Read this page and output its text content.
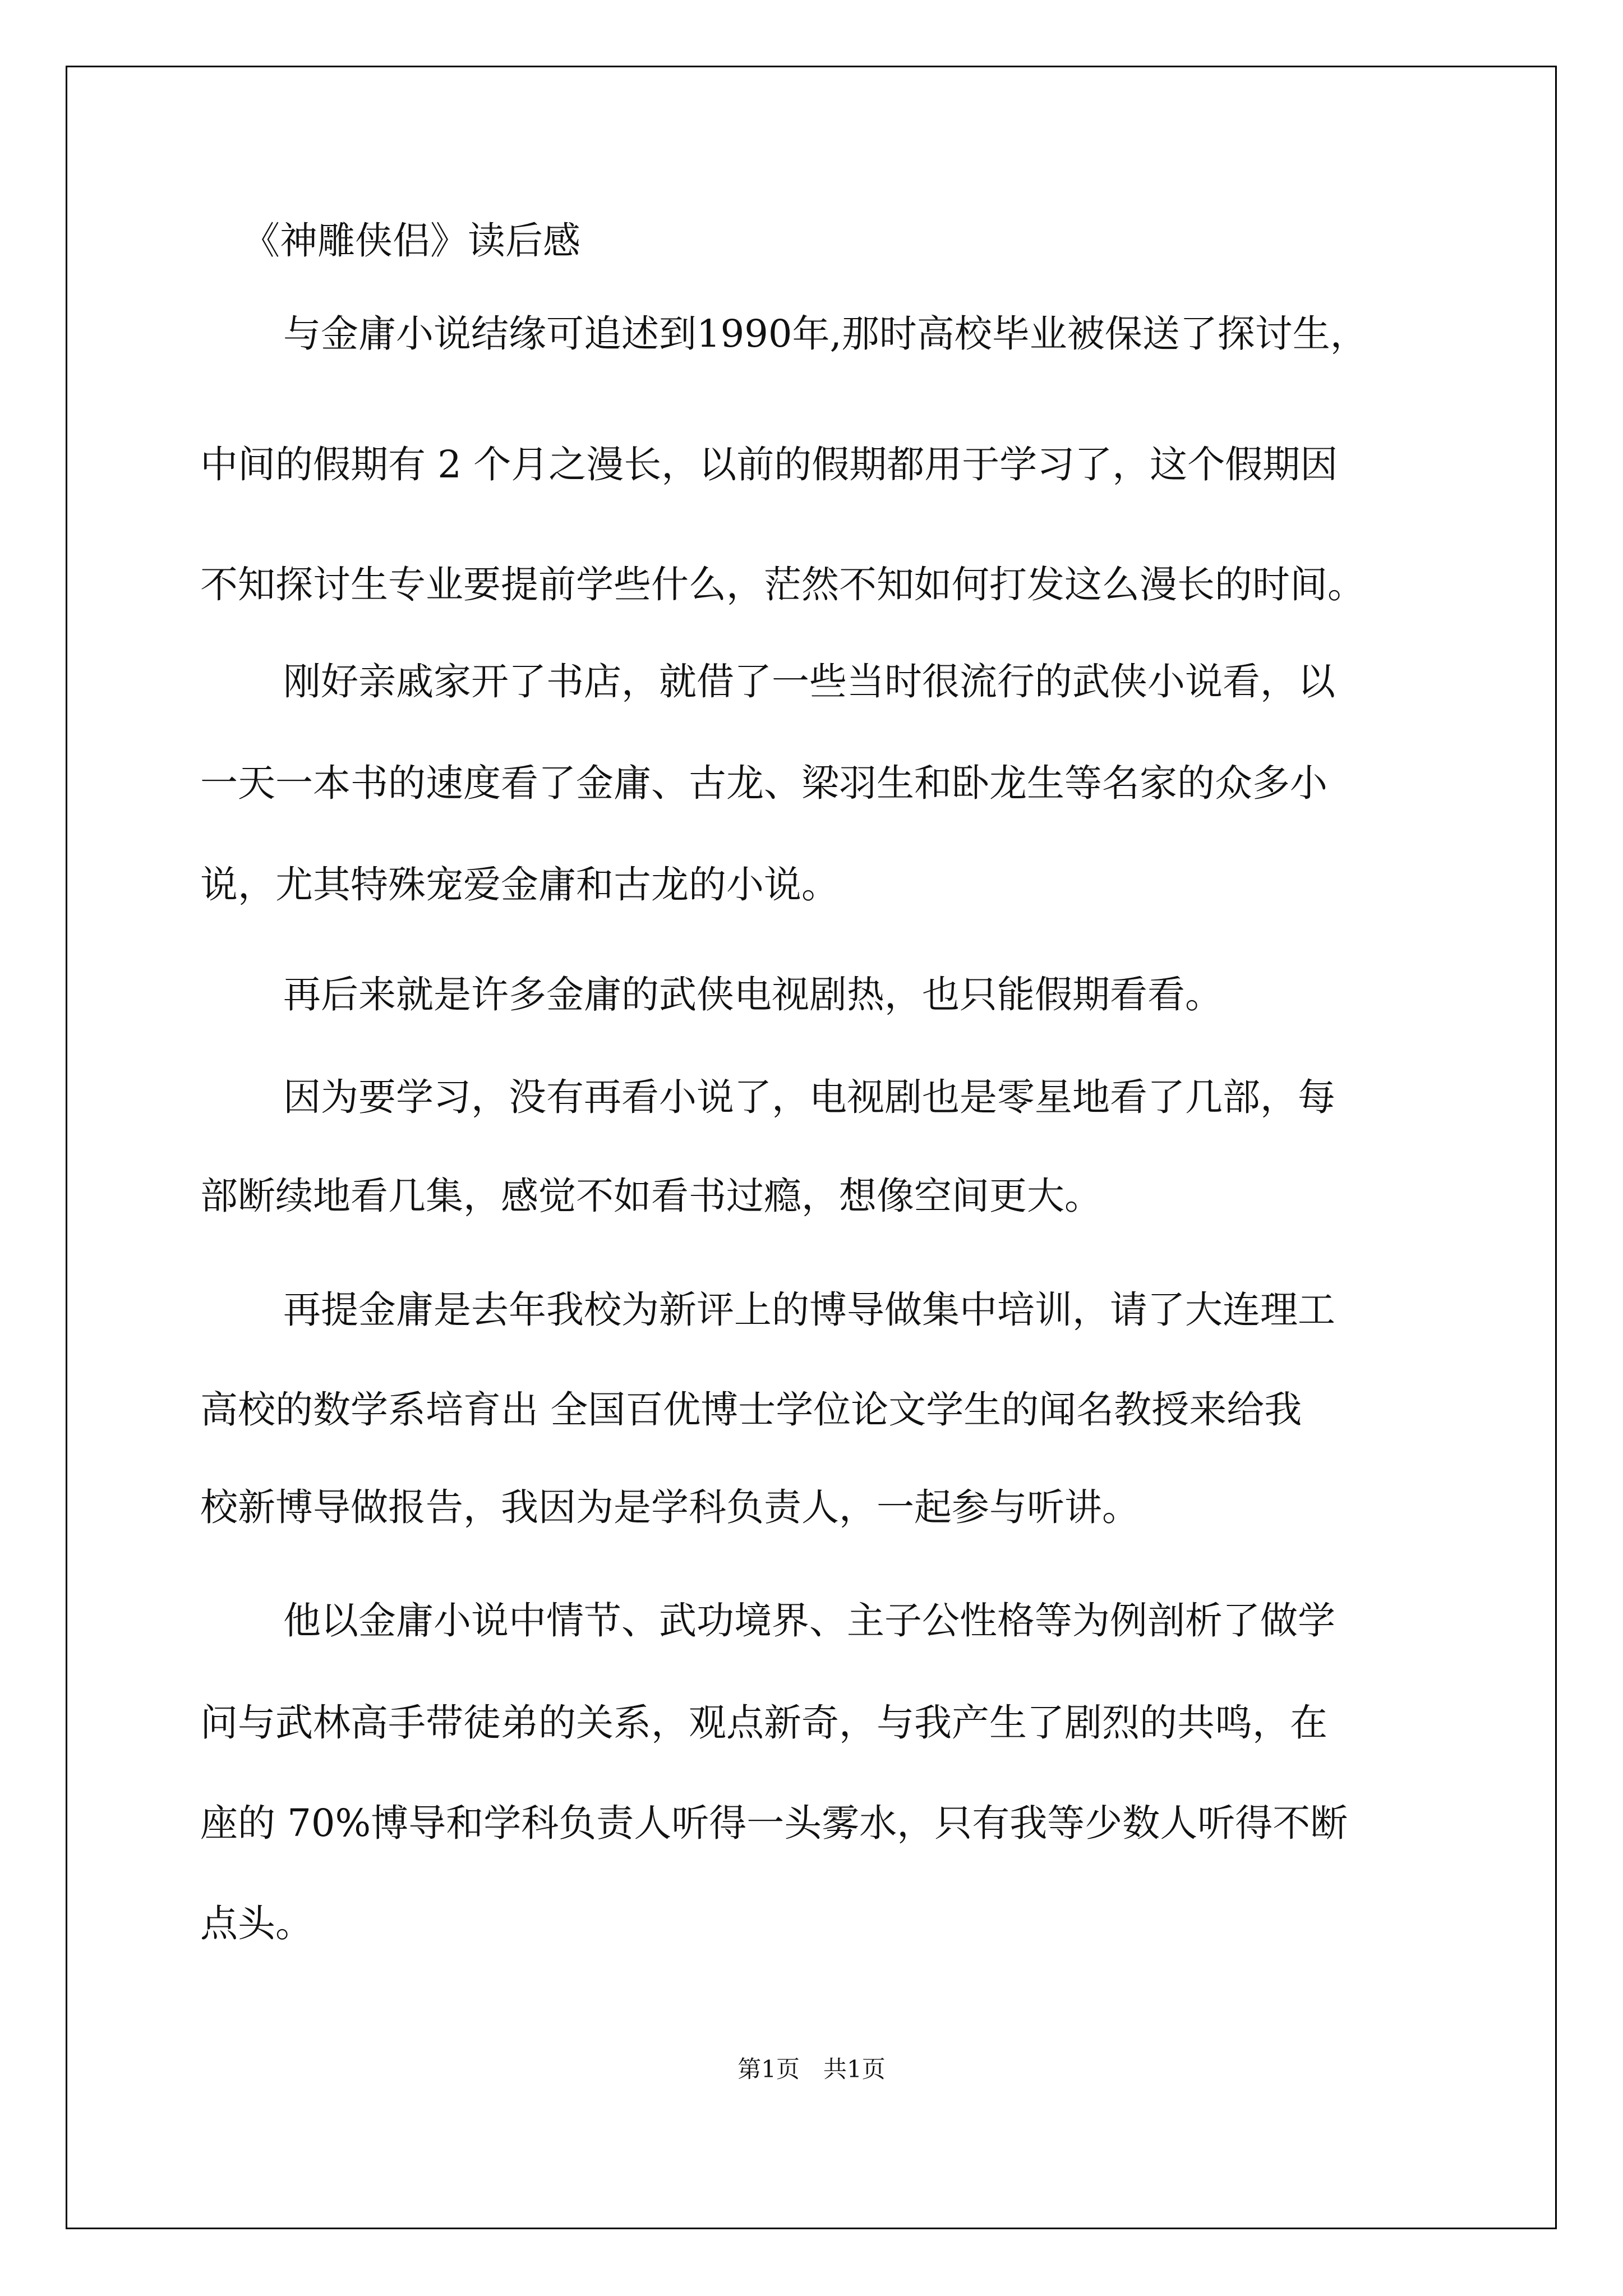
《神雕侠侣》读后感
与金庸小说结缘可追述到1990年,那时高校毕业被保送了探讨生，
中间的假期有 2 个月之漫长，以前的假期都用于学习了，这个假期因
不知探讨生专业要提前学些什么，茫然不知如何打发这么漫长的时间。
刚好亲戚家开了书店，就借了一些当时很流行的武侠小说看，以
一天一本书的速度看了金庸、古龙、梁羽生和卧龙生等名家的众多小
说，尤其特殊宠爱金庸和古龙的小说。
再后来就是许多金庸的武侠电视剧热，也只能假期看看。
因为要学习，没有再看小说了，电视剧也是零星地看了几部，每
部断续地看几集，感觉不如看书过瘾，想像空间更大。
再提金庸是去年我校为新评上的博导做集中培训，请了大连理工
高校的数学系培育出 全国百优博士学位论文学生的闻名教授来给我
校新博导做报告，我因为是学科负责人，一起参与听讲。
他以金庸小说中情节、武功境界、主子公性格等为例剖析了做学
问与武林高手带徒弟的关系，观点新奇，与我产生了剧烈的共鸣，在
座的 70%博导和学科负责人听得一头雾水，只有我等少数人听得不断
点头。
第1页　共1页
